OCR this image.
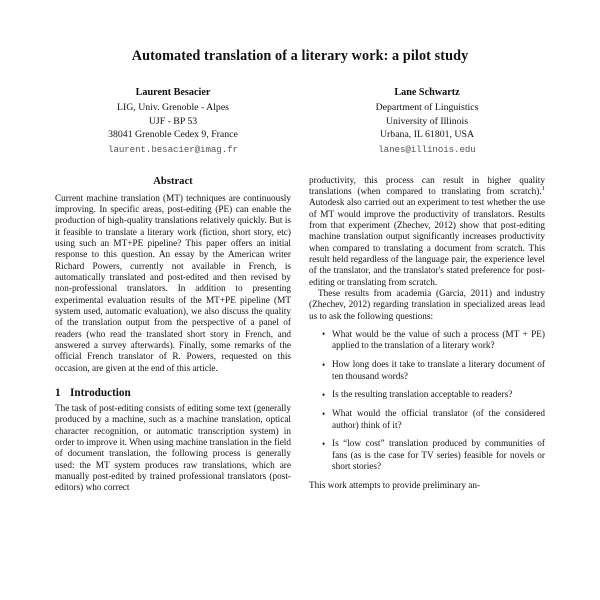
Automated translation of a literary work: a pilot study
Laurent Besacier
LIG, Univ. Grenoble - Alpes
UJF - BP 53
38041 Grenoble Cedex 9, France
laurent.besacier@imag.fr
Lane Schwartz
Department of Linguistics
University of Illinois
Urbana, IL 61801, USA
lanes@illinois.edu
Abstract

Current machine translation (MT) techniques are continuously improving. In specific areas, post-editing (PE) can enable the production of high-quality translations relatively quickly. But is it feasible to translate a literary work (fiction, short story, etc) using such an MT+PE pipeline? This paper offers an initial response to this question. An essay by the American writer Richard Powers, currently not available in French, is automatically translated and post-edited and then revised by non-professional translators. In addition to presenting experimental evaluation results of the MT+PE pipeline (MT system used, automatic evaluation), we also discuss the quality of the translation output from the perspective of a panel of readers (who read the translated short story in French, and answered a survey afterwards). Finally, some remarks of the official French translator of R. Powers, requested on this occasion, are given at the end of this article.

1 Introduction

The task of post-editing consists of editing some text (generally produced by a machine, such as a machine translation, optical character recognition, or automatic transcription system) in order to improve it. When using machine translation in the field of document translation, the following process is generally used: the MT system produces raw translations, which are manually post-edited by trained professional translators (post-editors) who correct

productivity, this process can result in higher quality translations (when compared to translating from scratch).$^1$ Autodesk also carried out an experiment to test whether the use of MT would improve the productivity of translators. Results from that experiment (Zhechev, 2012) show that post-editing machine translation output significantly increases productivity when compared to translating a document from scratch. This result held regardless of the language pair, the experience level of the translator, and the translator's stated preference for post-editing or translating from scratch.

These results from academia (Garcia, 2011) and industry (Zhechev, 2012) regarding translation in specialized areas lead us to ask the following questions:

• What would be the value of such a process (MT + PE) applied to the translation of a literary work?
• How long does it take to translate a literary document of ten thousand words?
• Is the resulting translation acceptable to readers?
• What would the official translator (of the considered author) think of it?
• Is “low cost” translation produced by communities of fans (as is the case for TV series) feasible for novels or short stories?

This work attempts to provide preliminary an-
